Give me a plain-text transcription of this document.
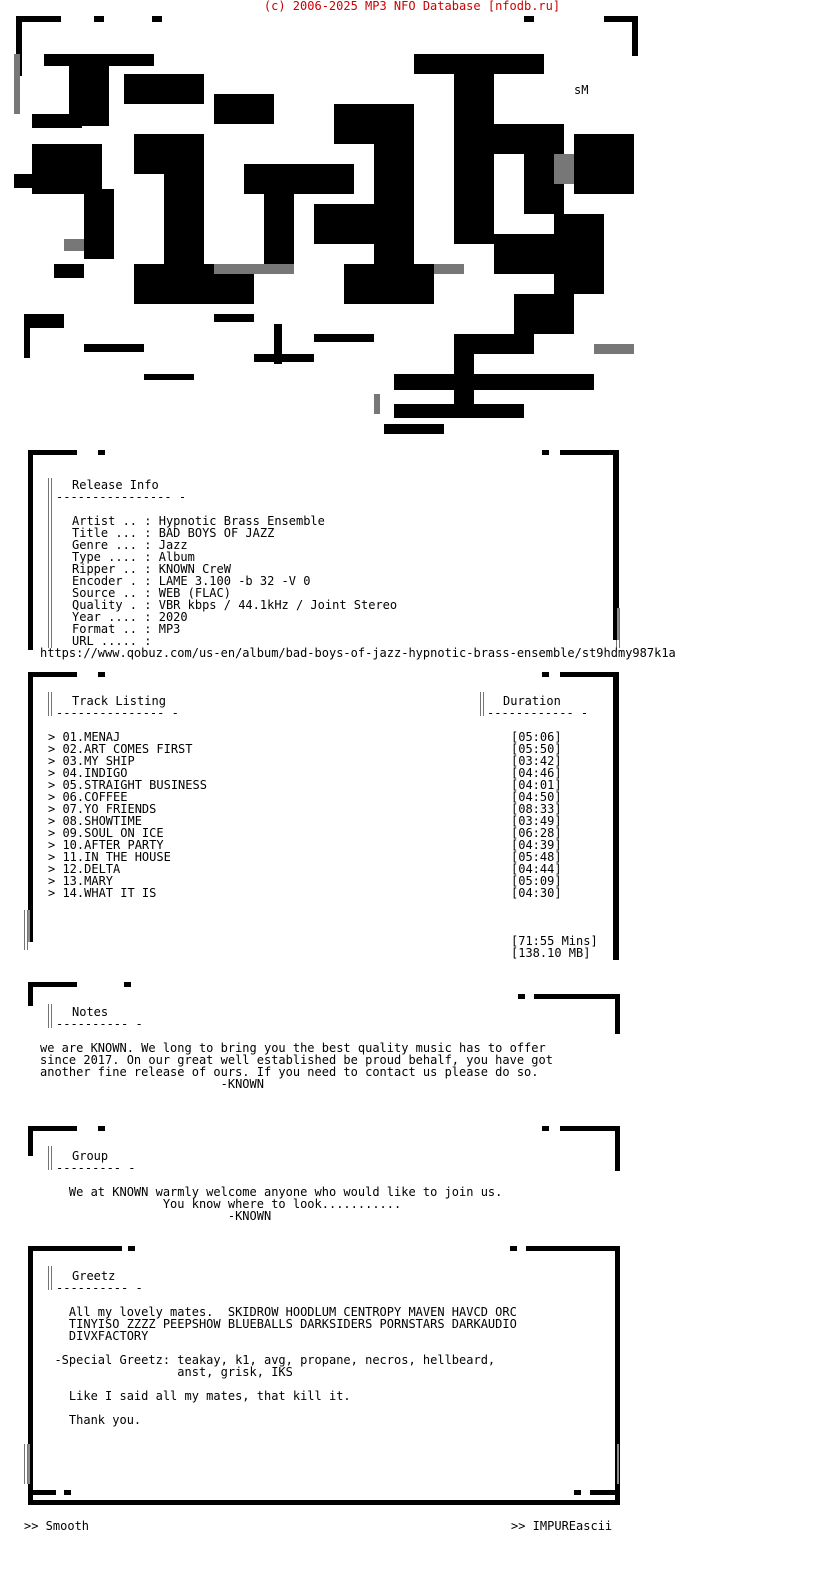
(c) 2006-2025 MP3 NFO Database [nfodb.ru]
sM
Release Info
---------------- -
Artist .. : Hypnotic Brass Ensemble
Title ... : BAD BOYS OF JAZZ
Genre ... : Jazz
Type .... : Album
Ripper .. : KNOWN CreW
Encoder . : LAME 3.100 -b 32 -V 0
Source .. : WEB (FLAC)
Quality . : VBR kbps / 44.1kHz / Joint Stereo
Year .... : 2020
Format .. : MP3
URL ..... :
https://www.qobuz.com/us-en/album/bad-boys-of-jazz-hypnotic-brass-ensemble/st9hdmy987k1a
Track Listing
--------------- -
Duration
------------ -
> 01.MENAJ	[05:06]
> 02.ART COMES FIRST	[05:50]
> 03.MY SHIP	[03:42]
> 04.INDIGO	[04:46]
> 05.STRAIGHT BUSINESS	[04:01]
> 06.COFFEE	[04:50]
> 07.YO FRIENDS	[08:33]
> 08.SHOWTIME	[03:49]
> 09.SOUL ON ICE	[06:28]
> 10.AFTER PARTY	[04:39]
> 11.IN THE HOUSE	[05:48]
> 12.DELTA	[04:44]
> 13.MARY	[05:09]
> 14.WHAT IT IS	[04:30]
[71:55 Mins]
[138.10 MB]
Notes
---------- -
we are KNOWN. We long to bring you the best quality music has to offer
since 2017. On our great well established be proud behalf, you have got
another fine release of ours. If you need to contact us please do so.
-KNOWN
Group
--------- -
We at KNOWN warmly welcome anyone who would like to join us.
You know where to look...........
-KNOWN
Greetz
---------- -
All my lovely mates.  SKIDROW HOODLUM CENTROPY MAVEN HAVCD ORC
TINYISO ZZZZ PEEPSHOW BLUEBALLS DARKSIDERS PORNSTARS DARKAUDIO
DIVXFACTORY
-Special Greetz: teakay, k1, avg, propane, necros, hellbeard,
anst, grisk, IKS
Like I said all my mates, that kill it.
Thank you.
>> Smooth	>> IMPUREascii
